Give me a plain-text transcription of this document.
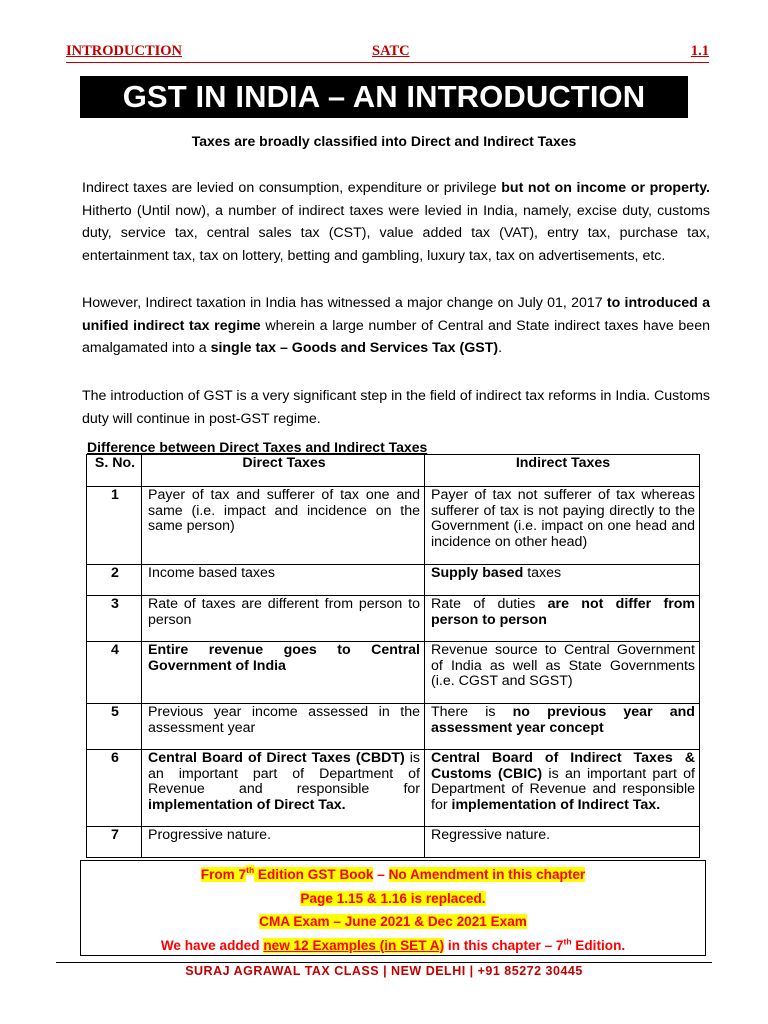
INTRODUCTION	SATC	1.1
GST IN INDIA – AN INTRODUCTION
Taxes are broadly classified into Direct and Indirect Taxes
Indirect taxes are levied on consumption, expenditure or privilege but not on income or property. Hitherto (Until now), a number of indirect taxes were levied in India, namely, excise duty, customs duty, service tax, central sales tax (CST), value added tax (VAT), entry tax, purchase tax, entertainment tax, tax on lottery, betting and gambling, luxury tax, tax on advertisements, etc.
However, Indirect taxation in India has witnessed a major change on July 01, 2017 to introduced a unified indirect tax regime wherein a large number of Central and State indirect taxes have been amalgamated into a single tax – Goods and Services Tax (GST).
The introduction of GST is a very significant step in the field of indirect tax reforms in India. Customs duty will continue in post-GST regime.
Difference between Direct Taxes and Indirect Taxes
S. No.	Direct Taxes	Indirect Taxes
1	Payer of tax and sufferer of tax one and same (i.e. impact and incidence on the same person)	Payer of tax not sufferer of tax whereas sufferer of tax is not paying directly to the Government (i.e. impact on one head and incidence on other head)
2	Income based taxes	Supply based taxes
3	Rate of taxes are different from person to person	Rate of duties are not differ from person to person
4	Entire revenue goes to Central Government of India	Revenue source to Central Government of India as well as State Governments (i.e. CGST and SGST)
5	Previous year income assessed in the assessment year	There is no previous year and assessment year concept
6	Central Board of Direct Taxes (CBDT) is an important part of Department of Revenue and responsible for implementation of Direct Tax.	Central Board of Indirect Taxes & Customs (CBIC) is an important part of Department of Revenue and responsible for implementation of Indirect Tax.
7	Progressive nature.	Regressive nature.
From 7th Edition GST Book – No Amendment in this chapter
Page 1.15 & 1.16 is replaced.
CMA Exam – June 2021 & Dec 2021 Exam
We have added new 12 Examples (in SET A) in this chapter – 7th Edition.
SURAJ AGRAWAL TAX CLASS | NEW DELHI | +91 85272 30445
